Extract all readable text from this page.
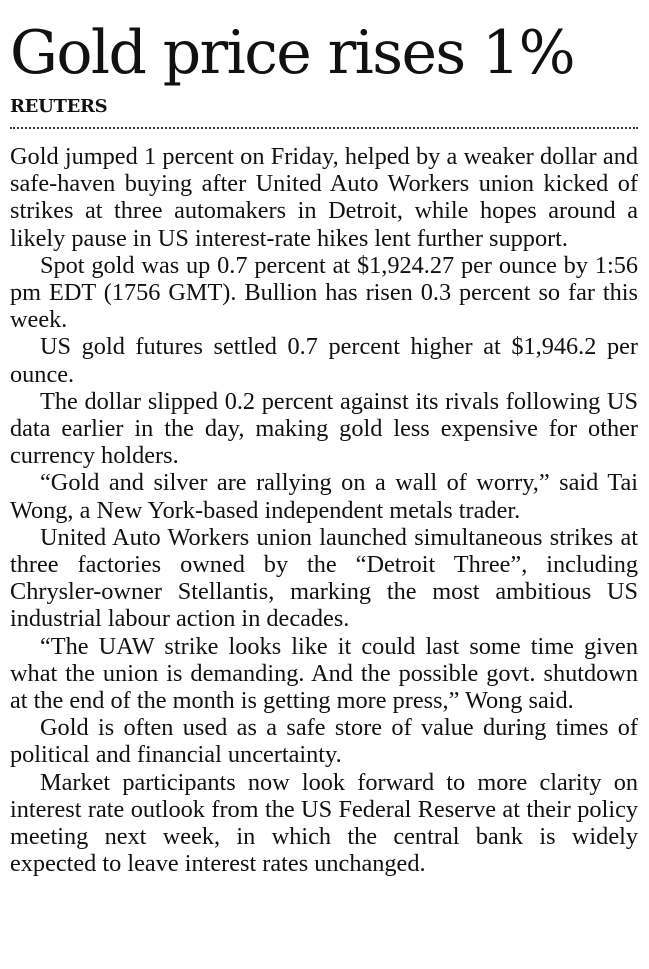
Gold price rises 1%
REUTERS

Gold jumped 1 percent on Friday, helped by a weaker dollar and safe-haven buying after United Auto Workers union kicked of strikes at three automakers in Detroit, while hopes around a likely pause in US interest-rate hikes lent further support.

Spot gold was up 0.7 percent at $1,924.27 per ounce by 1:56 pm EDT (1756 GMT). Bullion has risen 0.3 percent so far this week.

US gold futures settled 0.7 percent higher at $1,946.2 per ounce.

The dollar slipped 0.2 percent against its rivals following US data earlier in the day, making gold less expensive for other currency holders.

“Gold and silver are rallying on a wall of worry,” said Tai Wong, a New York-based independent metals trader.

United Auto Workers union launched simultaneous strikes at three factories owned by the “Detroit Three”, including Chrysler-owner Stellantis, marking the most ambitious US industrial labour action in decades.

“The UAW strike looks like it could last some time given what the union is demanding. And the possible govt. shutdown at the end of the month is getting more press,” Wong said.

Gold is often used as a safe store of value during times of political and financial uncertainty.

Market participants now look forward to more clarity on interest rate outlook from the US Federal Reserve at their policy meeting next week, in which the central bank is widely expected to leave interest rates unchanged.
